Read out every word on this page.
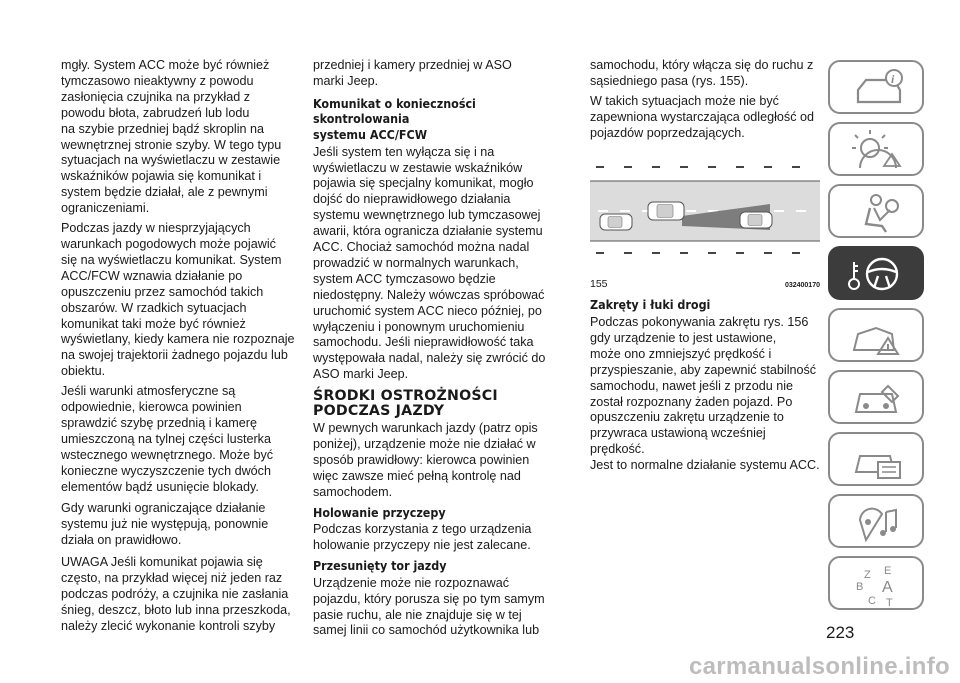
mgły. System ACC może być również
tymczasowo nieaktywny z powodu
zasłonięcia czujnika na przykład z
powodu błota, zabrudzeń lub lodu
na szybie przedniej bądź skroplin na
wewnętrznej stronie szyby. W tego typu
sytuacjach na wyświetlaczu w zestawie
wskaźników pojawia się komunikat i
system będzie działał, ale z pewnymi
ograniczeniami.

Podczas jazdy w niesprzyjających
warunkach pogodowych może pojawić
się na wyświetlaczu komunikat. System
ACC/FCW wznawia działanie po
opuszczeniu przez samochód takich
obszarów. W rzadkich sytuacjach
komunikat taki może być również
wyświetlany, kiedy kamera nie rozpoznaje
na swojej trajektorii żadnego pojazdu lub
obiektu.

Jeśli warunki atmosferyczne są
odpowiednie, kierowca powinien
sprawdzić szybę przednią i kamerę
umieszczoną na tylnej części lusterka
wstecznego wewnętrznego. Może być
konieczne wyczyszczenie tych dwóch
elementów bądź usunięcie blokady.

Gdy warunki ograniczające działanie
systemu już nie występują, ponownie
działa on prawidłowo.

UWAGA Jeśli komunikat pojawia się
często, na przykład więcej niż jeden raz
podczas podróży, a czujnika nie zasłania
śnieg, deszcz, błoto lub inna przeszkoda,
należy zlecić wykonanie kontroli szyby

przedniej i kamery przedniej w ASO
marki Jeep.

Komunikat o konieczności skontrolowania
systemu ACC/FCW

Jeśli system ten wyłącza się i na
wyświetlaczu w zestawie wskaźników
pojawia się specjalny komunikat, mogło
dojść do nieprawidłowego działania
systemu wewnętrznego lub tymczasowej
awarii, która ogranicza działanie systemu
ACC. Chociaż samochód można nadal
prowadzić w normalnych warunkach,
system ACC tymczasowo będzie
niedostępny. Należy wówczas spróbować
uruchomić system ACC nieco później, po
wyłączeniu i ponownym uruchomieniu
samochodu. Jeśli nieprawidłowość taka
występowała nadal, należy się zwrócić do
ASO marki Jeep.

ŚRODKI OSTROŻNOŚCI
PODCZAS JAZDY

W pewnych warunkach jazdy (patrz opis
poniżej), urządzenie może nie działać w
sposób prawidłowy: kierowca powinien
więc zawsze mieć pełną kontrolę nad
samochodem.

Holowanie przyczepy

Podczas korzystania z tego urządzenia
holowanie przyczepy nie jest zalecane.

Przesunięty tor jazdy

Urządzenie może nie rozpoznawać
pojazdu, który porusza się po tym samym
pasie ruchu, ale nie znajduje się w tej
samej linii co samochód użytkownika lub

samochodu, który włącza się do ruchu z
sąsiedniego pasa (rys. 155).

W takich sytuacjach może nie być
zapewniona wystarczająca odległość od
pojazdów poprzedzających.

155	032400170
Zakręty i łuki drogi

Podczas pokonywania zakrętu rys. 156
gdy urządzenie to jest ustawione,
może ono zmniejszyć prędkość i
przyspieszanie, aby zapewnić stabilność
samochodu, nawet jeśli z przodu nie
został rozpoznany żaden pojazd. Po
opuszczeniu zakrętu urządzenie to
przywraca ustawioną wcześniej prędkość.
Jest to normalne działanie systemu ACC.

i
Z E
B A
C T
223
carmanualsonline.info
